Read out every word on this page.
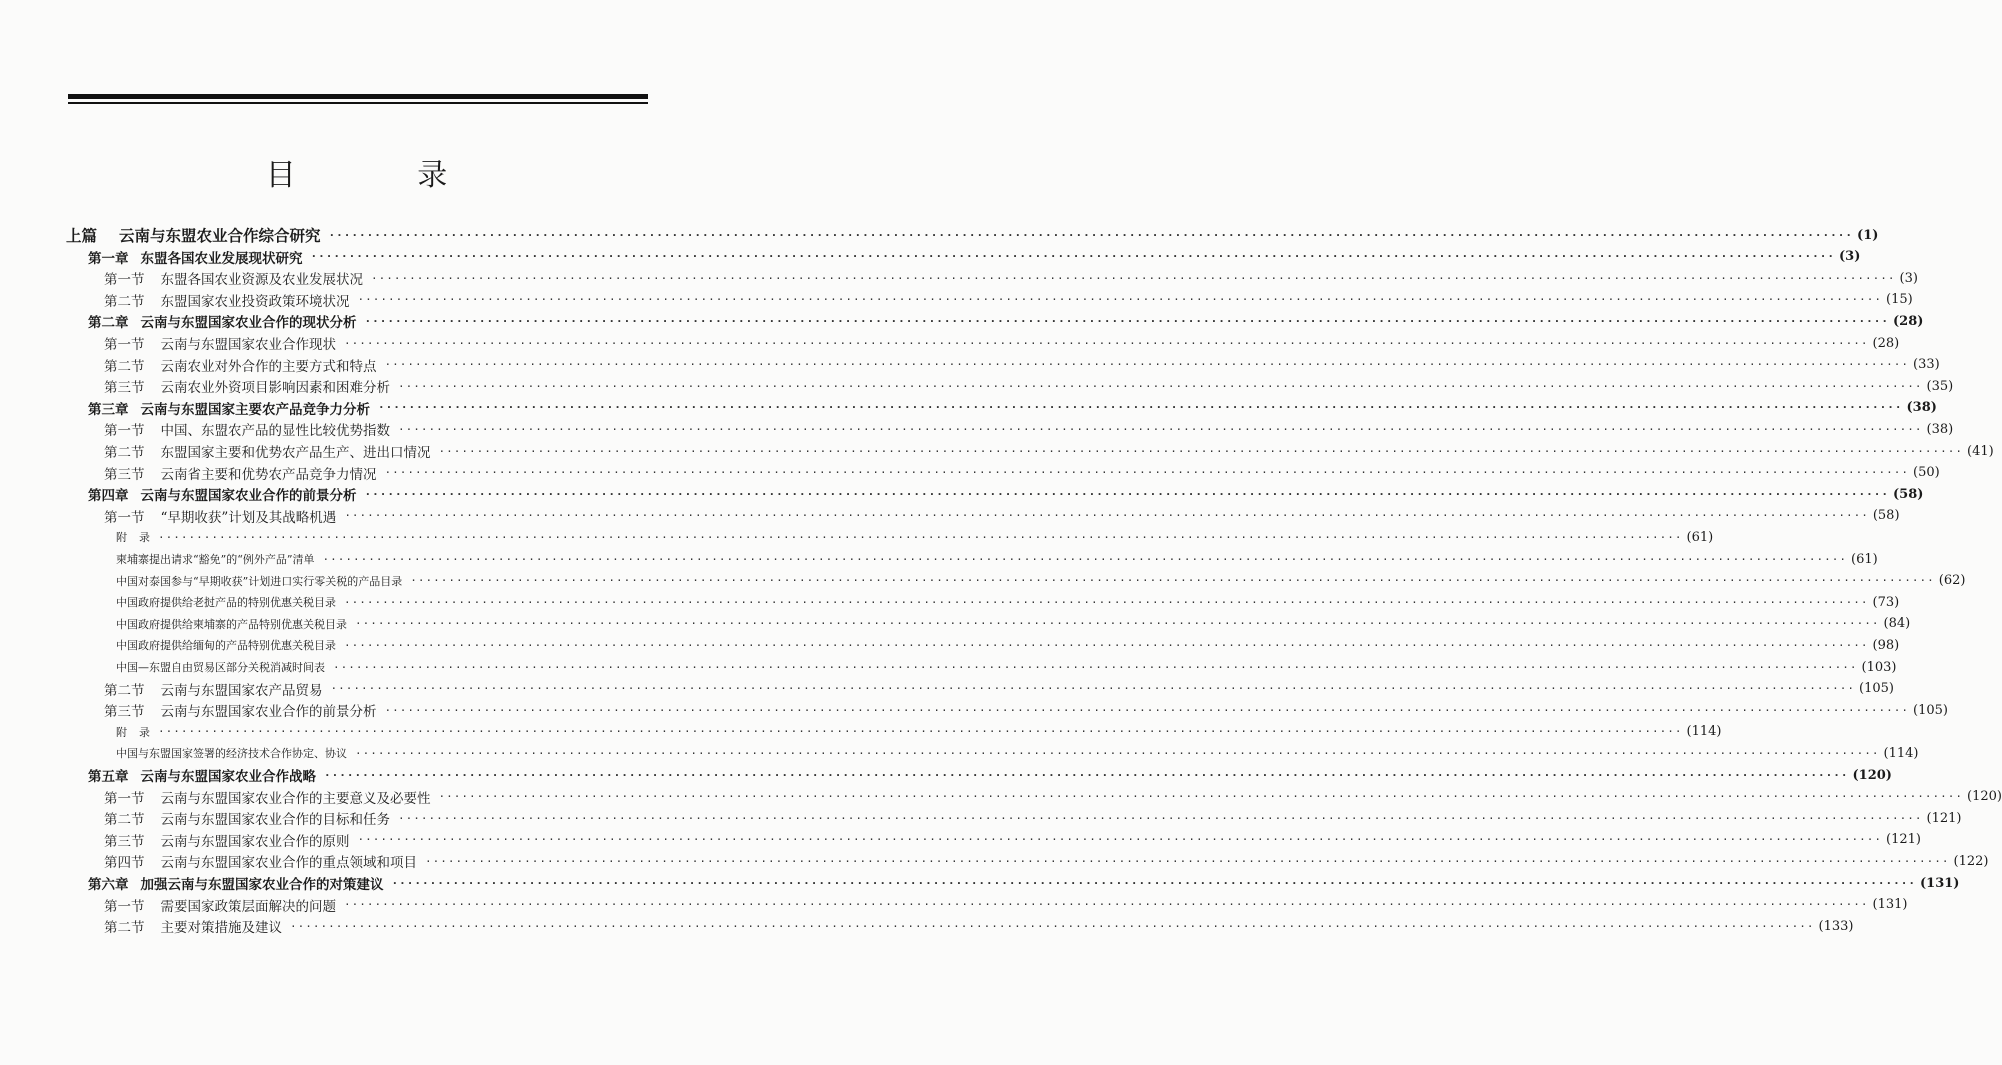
目 录
上篇 云南与东盟农业合作综合研究 ········································································································································································································ (1)
第一章 东盟各国农业发展现状研究 ········································································································································································································ (3)
第一节 东盟各国农业资源及农业发展状况 ········································································································································································································ (3)
第二节 东盟国家农业投资政策环境状况 ········································································································································································································ (15)
第二章 云南与东盟国家农业合作的现状分析 ········································································································································································································ (28)
第一节 云南与东盟国家农业合作现状 ········································································································································································································ (28)
第二节 云南农业对外合作的主要方式和特点 ········································································································································································································ (33)
第三节 云南农业外资项目影响因素和困难分析 ········································································································································································································ (35)
第三章 云南与东盟国家主要农产品竞争力分析 ········································································································································································································ (38)
第一节 中国、东盟农产品的显性比较优势指数 ········································································································································································································ (38)
第二节 东盟国家主要和优势农产品生产、进出口情况 ········································································································································································································ (41)
第三节 云南省主要和优势农产品竞争力情况 ········································································································································································································ (50)
第四章 云南与东盟国家农业合作的前景分析 ········································································································································································································ (58)
第一节 “早期收获”计划及其战略机遇 ········································································································································································································ (58)
附 录 ········································································································································································································ (61)
柬埔寨提出请求“豁免”的“例外产品”清单 ········································································································································································································ (61)
中国对泰国参与“早期收获”计划进口实行零关税的产品目录 ········································································································································································································ (62)
中国政府提供给老挝产品的特别优惠关税目录 ········································································································································································································ (73)
中国政府提供给柬埔寨的产品特别优惠关税目录 ········································································································································································································ (84)
中国政府提供给缅甸的产品特别优惠关税目录 ········································································································································································································ (98)
中国—东盟自由贸易区部分关税消减时间表 ········································································································································································································ (103)
第二节 云南与东盟国家农产品贸易 ········································································································································································································ (105)
第三节 云南与东盟国家农业合作的前景分析 ········································································································································································································ (105)
附 录 ········································································································································································································ (114)
中国与东盟国家签署的经济技术合作协定、协议 ········································································································································································································ (114)
第五章 云南与东盟国家农业合作战略 ········································································································································································································ (120)
第一节 云南与东盟国家农业合作的主要意义及必要性 ········································································································································································································ (120)
第二节 云南与东盟国家农业合作的目标和任务 ········································································································································································································ (121)
第三节 云南与东盟国家农业合作的原则 ········································································································································································································ (121)
第四节 云南与东盟国家农业合作的重点领域和项目 ········································································································································································································ (122)
第六章 加强云南与东盟国家农业合作的对策建议 ········································································································································································································ (131)
第一节 需要国家政策层面解决的问题 ········································································································································································································ (131)
第二节 主要对策措施及建议 ········································································································································································································ (133)
